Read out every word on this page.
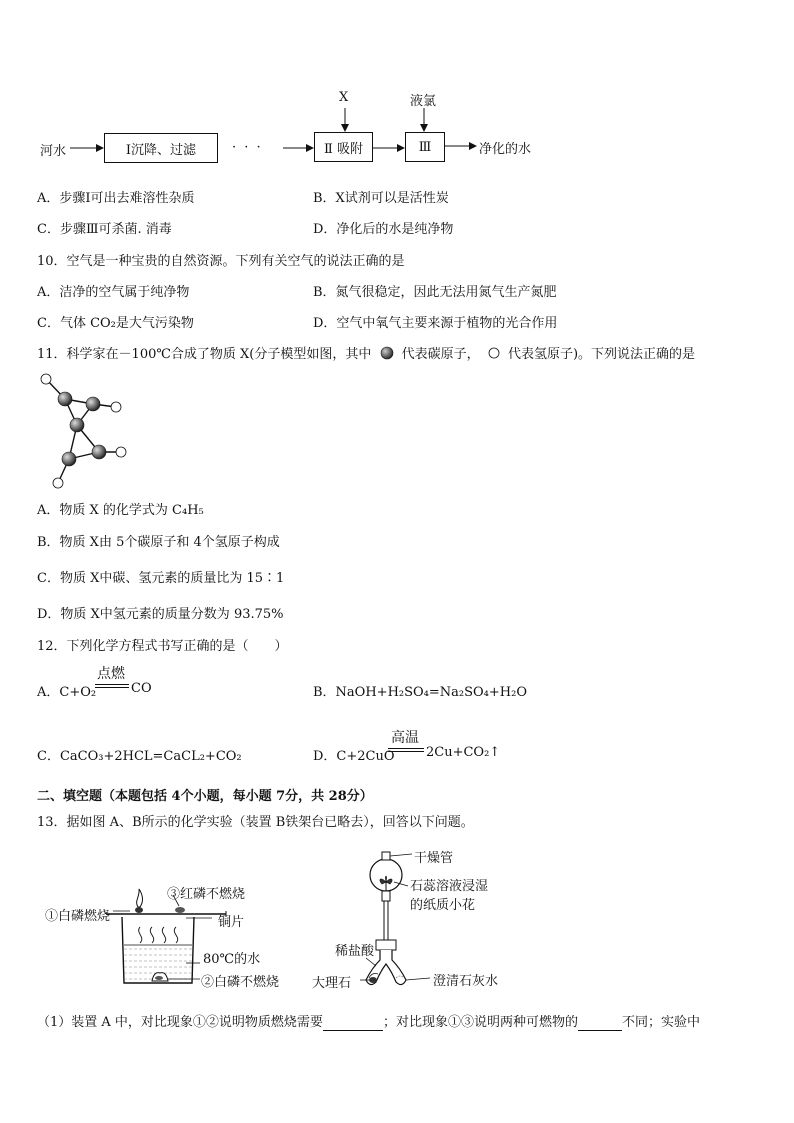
河水	Ⅰ沉降、过滤	· · ·	Ⅱ 吸附	Ⅲ	净化的水
X	液氯
A．步骤Ⅰ可出去难溶性杂质	B．X试剂可以是活性炭
C．步骤Ⅲ可杀菌. 消毒	D．净化后的水是纯净物
10．空气是一种宝贵的自然资源。下列有关空气的说法正确的是
A．洁净的空气属于纯净物	B．氮气很稳定，因此无法用氮气生产氮肥
C．气体 CO₂是大气污染物	D．空气中氧气主要来源于植物的光合作用
11．科学家在－100℃合成了物质 X(分子模型如图，其中 代表碳原子， 代表氢原子)。下列说法正确的是
A．物质 X 的化学式为 C₄H₅
B．物质 X由 5个碳原子和 4个氢原子构成
C．物质 X中碳、氢元素的质量比为 15∶1
D．物质 X中氢元素的质量分数为 93.75%
12．下列化学方程式书写正确的是（　　）
A．C+O₂
点燃
CO	B．NaOH+H₂SO₄=Na₂SO₄+H₂O
C．CaCO₃+2HCL=CaCL₂+CO₂	D．C+2CuO
高温
2Cu+CO₂↑
二、填空题（本题包括 4个小题，每小题 7分，共 28分）
13．据如图 A、B所示的化学实验（装置 B铁架台已略去），回答以下问题。
①白磷燃烧
③红磷不燃烧
铜片
80℃的水
②白磷不燃烧
干燥管
石蕊溶液浸湿
的纸质小花
稀盐酸
大理石	澄清石灰水
（1）装置 A 中，对比现象①②说明物质燃烧需要	；对比现象①③说明两种可燃物的	不同；实验中
